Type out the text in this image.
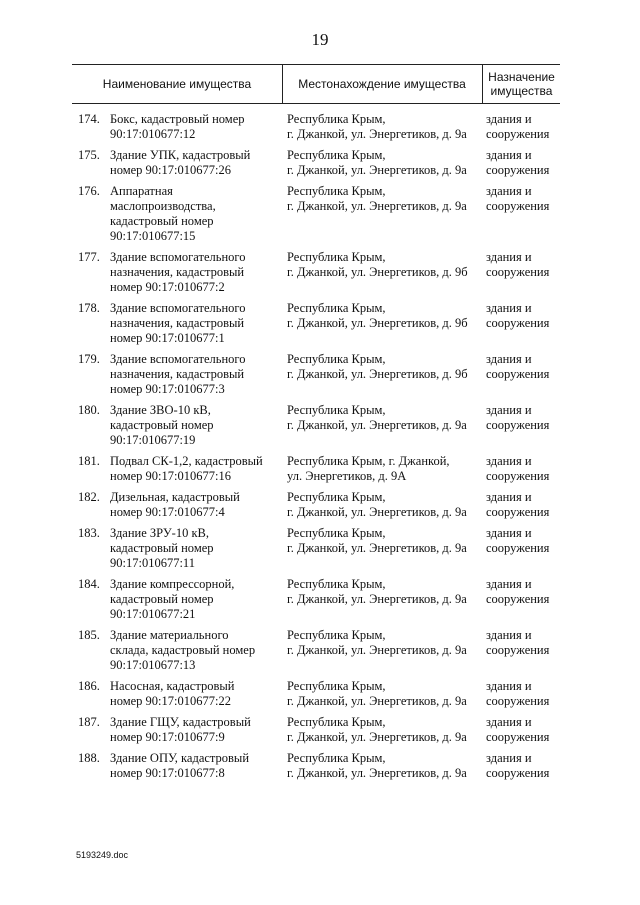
19
Наименование имущества	Местонахождение имущества	Назначение
имущества
174. Бокс, кадастровый номер
90:17:010677:12
Республика Крым,
г. Джанкой, ул. Энергетиков, д. 9а
здания и
сооружения
175. Здание УПК, кадастровый
номер 90:17:010677:26
Республика Крым,
г. Джанкой, ул. Энергетиков, д. 9а
здания и
сооружения
176. Аппаратная
маслопроизводства,
кадастровый номер
90:17:010677:15
Республика Крым,
г. Джанкой, ул. Энергетиков, д. 9а
здания и
сооружения
177. Здание вспомогательного
назначения, кадастровый
номер 90:17:010677:2
Республика Крым,
г. Джанкой, ул. Энергетиков, д. 9б
здания и
сооружения
178. Здание вспомогательного
назначения, кадастровый
номер 90:17:010677:1
Республика Крым,
г. Джанкой, ул. Энергетиков, д. 9б
здания и
сооружения
179. Здание вспомогательного
назначения, кадастровый
номер 90:17:010677:3
Республика Крым,
г. Джанкой, ул. Энергетиков, д. 9б
здания и
сооружения
180. Здание ЗВО-10 кВ,
кадастровый номер
90:17:010677:19
Республика Крым,
г. Джанкой, ул. Энергетиков, д. 9а
здания и
сооружения
181. Подвал СК-1,2, кадастровый
номер 90:17:010677:16
Республика Крым, г. Джанкой,
ул. Энергетиков, д. 9А
здания и
сооружения
182. Дизельная, кадастровый
номер 90:17:010677:4
Республика Крым,
г. Джанкой, ул. Энергетиков, д. 9а
здания и
сооружения
183. Здание ЗРУ-10 кВ,
кадастровый номер
90:17:010677:11
Республика Крым,
г. Джанкой, ул. Энергетиков, д. 9а
здания и
сооружения
184. Здание компрессорной,
кадастровый номер
90:17:010677:21
Республика Крым,
г. Джанкой, ул. Энергетиков, д. 9а
здания и
сооружения
185. Здание материального
склада, кадастровый номер
90:17:010677:13
Республика Крым,
г. Джанкой, ул. Энергетиков, д. 9а
здания и
сооружения
186. Насосная, кадастровый
номер 90:17:010677:22
Республика Крым,
г. Джанкой, ул. Энергетиков, д. 9а
здания и
сооружения
187. Здание ГЩУ, кадастровый
номер 90:17:010677:9
Республика Крым,
г. Джанкой, ул. Энергетиков, д. 9а
здания и
сооружения
188. Здание ОПУ, кадастровый
номер 90:17:010677:8
Республика Крым,
г. Джанкой, ул. Энергетиков, д. 9а
здания и
сооружения
5193249.doc
